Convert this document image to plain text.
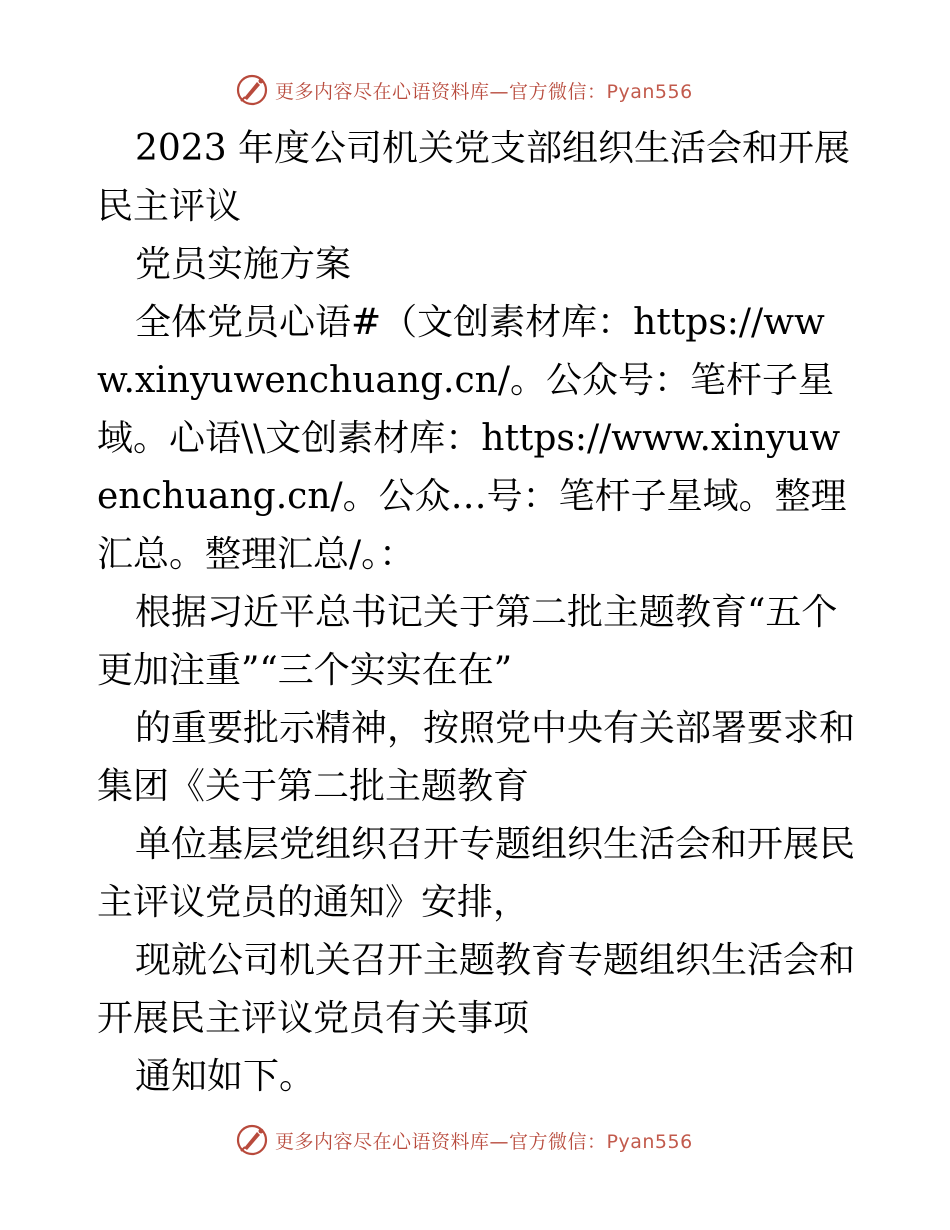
更多内容尽在心语资料库—官方微信：Pyan556

2023 年度公司机关党支部组织生活会和开展民主评议

党员实施方案

全体党员心语#（文创素材库：https://www.xinyuwenchuang.cn/。公众号：笔杆子星域。心语\\文创素材库：https://www.xinyuwenchuang.cn/。公众…号：笔杆子星域。整理汇总。整理汇总/。：

根据习近平总书记关于第二批主题教育“五个更加注重”“三个实实在在”

的重要批示精神，按照党中央有关部署要求和集团《关于第二批主题教育

单位基层党组织召开专题组织生活会和开展民主评议党员的通知》安排，

现就公司机关召开主题教育专题组织生活会和开展民主评议党员有关事项

通知如下。

更多内容尽在心语资料库—官方微信：Pyan556
